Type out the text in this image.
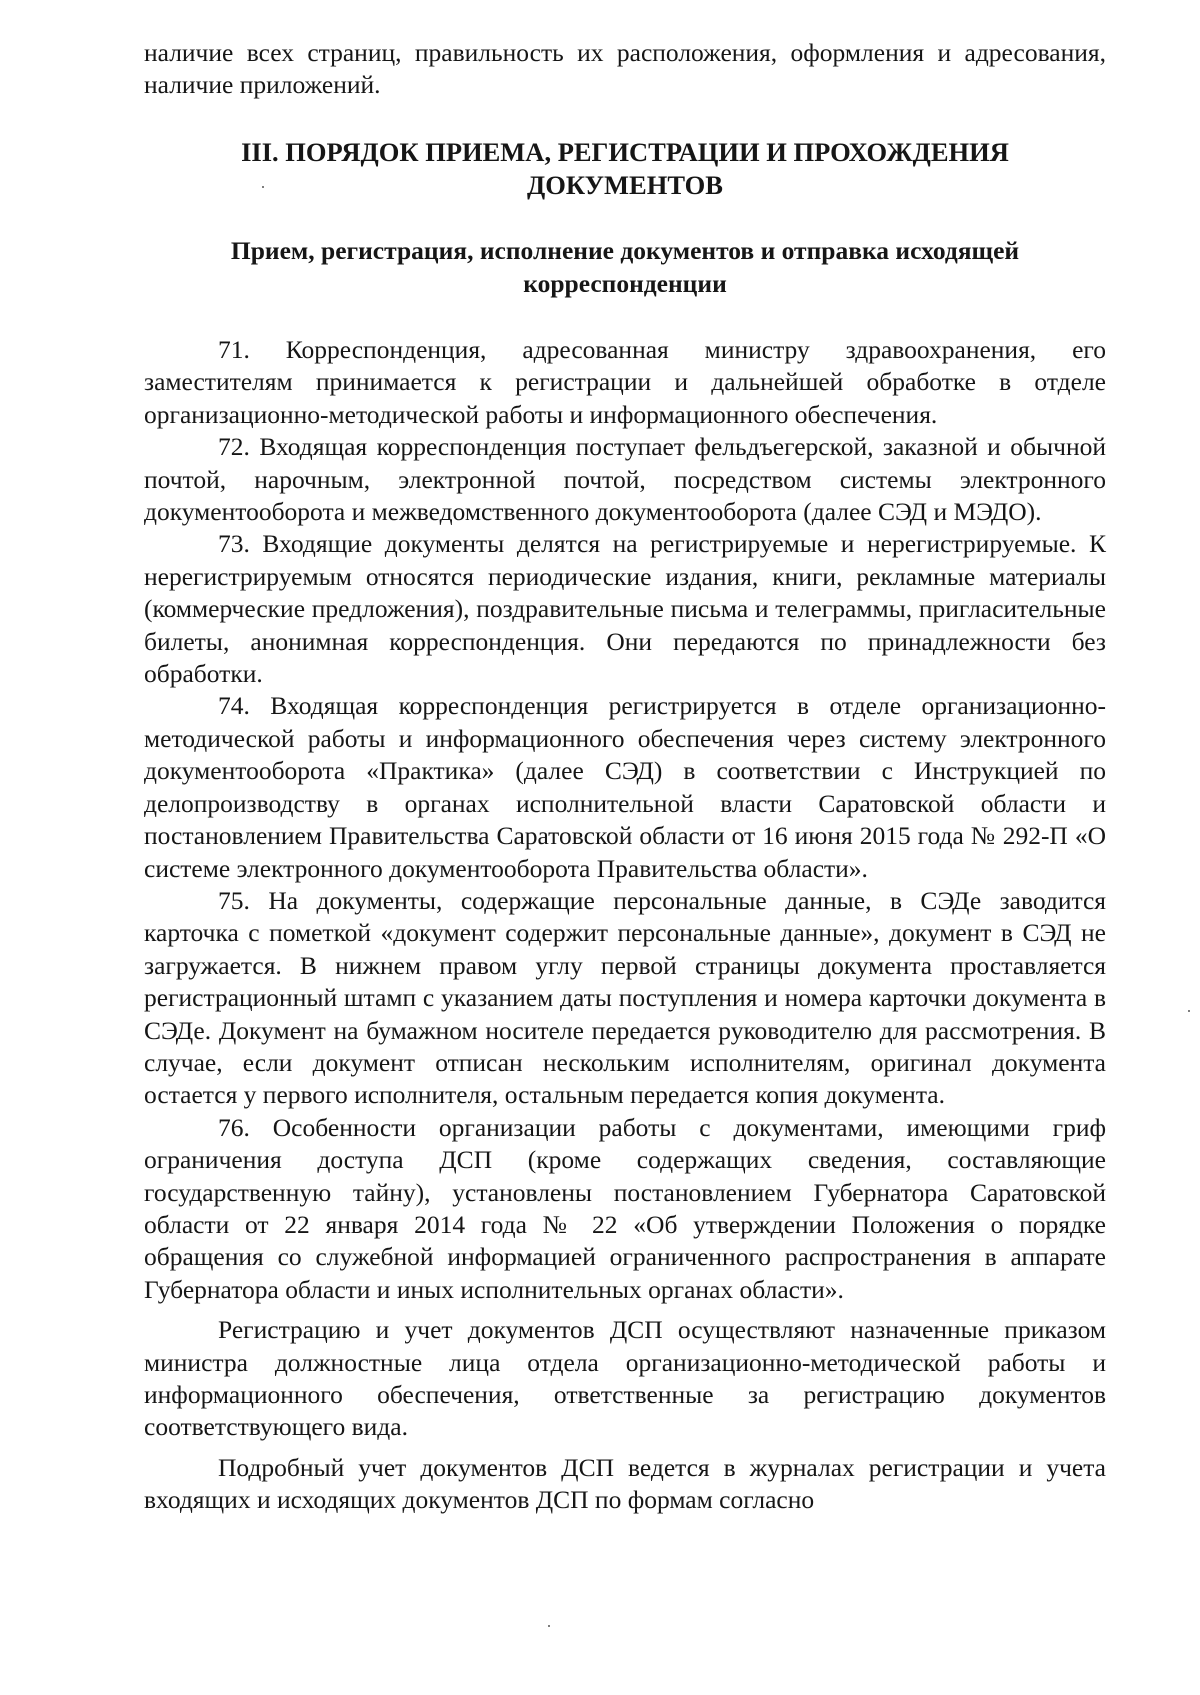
наличие всех страниц, правильность их расположения, оформления и адресования, наличие приложений.

III. ПОРЯДОК ПРИЕМА, РЕГИСТРАЦИИ И ПРОХОЖДЕНИЯ
ДОКУМЕНТОВ
Прием, регистрация, исполнение документов и отправка исходящей
корреспонденции

71. Корреспонденция, адресованная министру здравоохранения, его заместителям принимается к регистрации и дальнейшей обработке в отделе организационно-методической работы и информационного обеспечения.

72. Входящая корреспонденция поступает фельдъегерской, заказной и обычной почтой, нарочным, электронной почтой, посредством системы электронного документооборота и межведомственного документооборота (далее СЭД и МЭДО).

73. Входящие документы делятся на регистрируемые и нерегистрируемые. К нерегистрируемым относятся периодические издания, книги, рекламные материалы (коммерческие предложения), поздравительные письма и телеграммы, пригласительные билеты, анонимная корреспонденция. Они передаются по принадлежности без обработки.

74. Входящая корреспонденция регистрируется в отделе организационно-методической работы и информационного обеспечения через систему электронного документооборота «Практика» (далее СЭД) в соответствии с Инструкцией по делопроизводству в органах исполнительной власти Саратовской области и постановлением Правительства Саратовской области от 16 июня 2015 года № 292-П «О системе электронного документооборота Правительства области».

75. На документы, содержащие персональные данные, в СЭДе заводится карточка с пометкой «документ содержит персональные данные», документ в СЭД не загружается. В нижнем правом углу первой страницы документа проставляется регистрационный штамп с указанием даты поступления и номера карточки документа в СЭДе. Документ на бумажном носителе передается руководителю для рассмотрения. В случае, если документ отписан нескольким исполнителям, оригинал документа остается у первого исполнителя, остальным передается копия документа.

76. Особенности организации работы с документами, имеющими гриф ограничения доступа ДСП (кроме содержащих сведения, составляющие государственную тайну), установлены постановлением Губернатора Саратовской области от 22 января 2014 года № 22 «Об утверждении Положения о порядке обращения со служебной информацией ограниченного распространения в аппарате Губернатора области и иных исполнительных органах области».

Регистрацию и учет документов ДСП осуществляют назначенные приказом министра должностные лица отдела организационно-методической работы и информационного обеспечения, ответственные за регистрацию документов соответствующего вида.

Подробный учет документов ДСП ведется в журналах регистрации и учета входящих и исходящих документов ДСП по формам согласно
